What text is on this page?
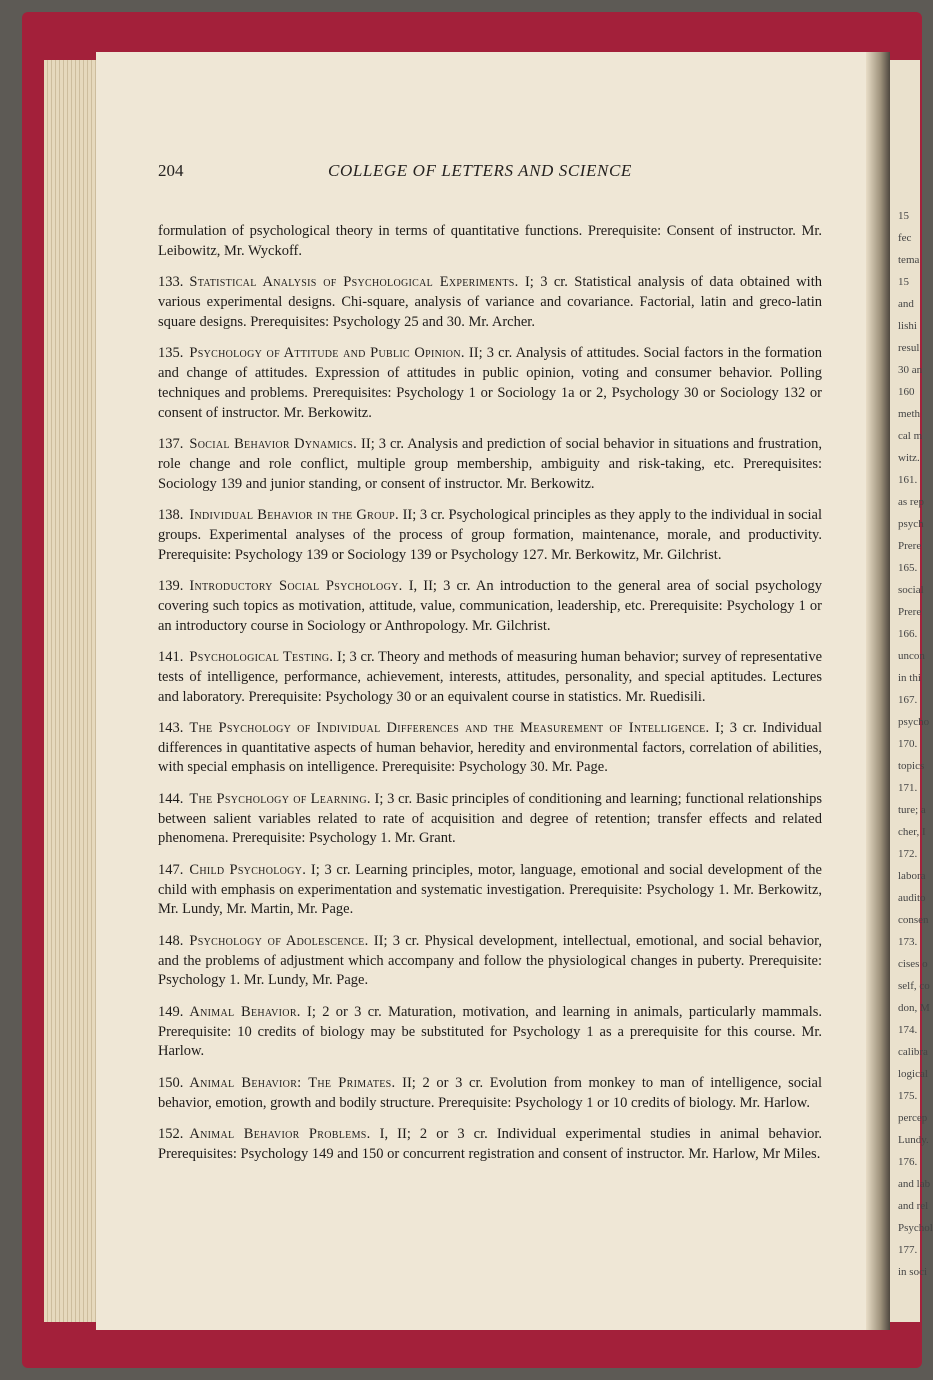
15
fec
tema
15
and
lishi
resul
30 an
160
meth
cal m
witz.
161.
as rep
psych
Prere
165.
social
Prere
166.
uncon
in thi
167.
psycho
170.
topics
171.
ture; a
cher, I
172.
labora
audito
consen
173.
cises o
self, co
don, M
174.
calibra
logical
175.
percep
Lundy.
176.
and lab
and rel
Psychol
177.
in soci
204	COLLEGE OF LETTERS AND SCIENCE

formulation of psychological theory in terms of quantitative functions. Prerequisite: Consent of instructor. Mr. Leibowitz, Mr. Wyckoff.

133. Statistical Analysis of Psychological Experiments. I; 3 cr. Statistical analysis of data obtained with various experimental designs. Chi-square, analysis of variance and covariance. Factorial, latin and greco-latin square designs. Prerequisites: Psychology 25 and 30. Mr. Archer.

135. Psychology of Attitude and Public Opinion. II; 3 cr. Analysis of attitudes. Social factors in the formation and change of attitudes. Expression of attitudes in public opinion, voting and consumer behavior. Polling techniques and problems. Prerequisites: Psychology 1 or Sociology 1a or 2, Psychology 30 or Sociology 132 or consent of instructor. Mr. Berkowitz.

137. Social Behavior Dynamics. II; 3 cr. Analysis and prediction of social behavior in situations and frustration, role change and role conflict, multiple group membership, ambiguity and risk-taking, etc. Prerequisites: Sociology 139 and junior standing, or consent of instructor. Mr. Berkowitz.

138. Individual Behavior in the Group. II; 3 cr. Psychological principles as they apply to the individual in social groups. Experimental analyses of the process of group formation, maintenance, morale, and productivity. Prerequisite: Psychology 139 or Sociology 139 or Psychology 127. Mr. Berkowitz, Mr. Gilchrist.

139. Introductory Social Psychology. I, II; 3 cr. An introduction to the general area of social psychology covering such topics as motivation, attitude, value, communication, leadership, etc. Prerequisite: Psychology 1 or an introductory course in Sociology or Anthropology. Mr. Gilchrist.

141. Psychological Testing. I; 3 cr. Theory and methods of measuring human behavior; survey of representative tests of intelligence, performance, achievement, interests, attitudes, personality, and special aptitudes. Lectures and laboratory. Prerequisite: Psychology 30 or an equivalent course in statistics. Mr. Ruedisili.

143. The Psychology of Individual Differences and the Measurement of Intelligence. I; 3 cr. Individual differences in quantitative aspects of human behavior, heredity and environmental factors, correlation of abilities, with special emphasis on intelligence. Prerequisite: Psychology 30. Mr. Page.

144. The Psychology of Learning. I; 3 cr. Basic principles of conditioning and learning; functional relationships between salient variables related to rate of acquisition and degree of retention; transfer effects and related phenomena. Prerequisite: Psychology 1. Mr. Grant.

147. Child Psychology. I; 3 cr. Learning principles, motor, language, emotional and social development of the child with emphasis on experimentation and systematic investigation. Prerequisite: Psychology 1. Mr. Berkowitz, Mr. Lundy, Mr. Martin, Mr. Page.

148. Psychology of Adolescence. II; 3 cr. Physical development, intellectual, emotional, and social behavior, and the problems of adjustment which accompany and follow the physiological changes in puberty. Prerequisite: Psychology 1. Mr. Lundy, Mr. Page.

149. Animal Behavior. I; 2 or 3 cr. Maturation, motivation, and learning in animals, particularly mammals. Prerequisite: 10 credits of biology may be substituted for Psychology 1 as a prerequisite for this course. Mr. Harlow.

150. Animal Behavior: The Primates. II; 2 or 3 cr. Evolution from monkey to man of intelligence, social behavior, emotion, growth and bodily structure. Prerequisite: Psychology 1 or 10 credits of biology. Mr. Harlow.

152. Animal Behavior Problems. I, II; 2 or 3 cr. Individual experimental studies in animal behavior. Prerequisites: Psychology 149 and 150 or concurrent registration and consent of instructor. Mr. Harlow, Mr Miles.
